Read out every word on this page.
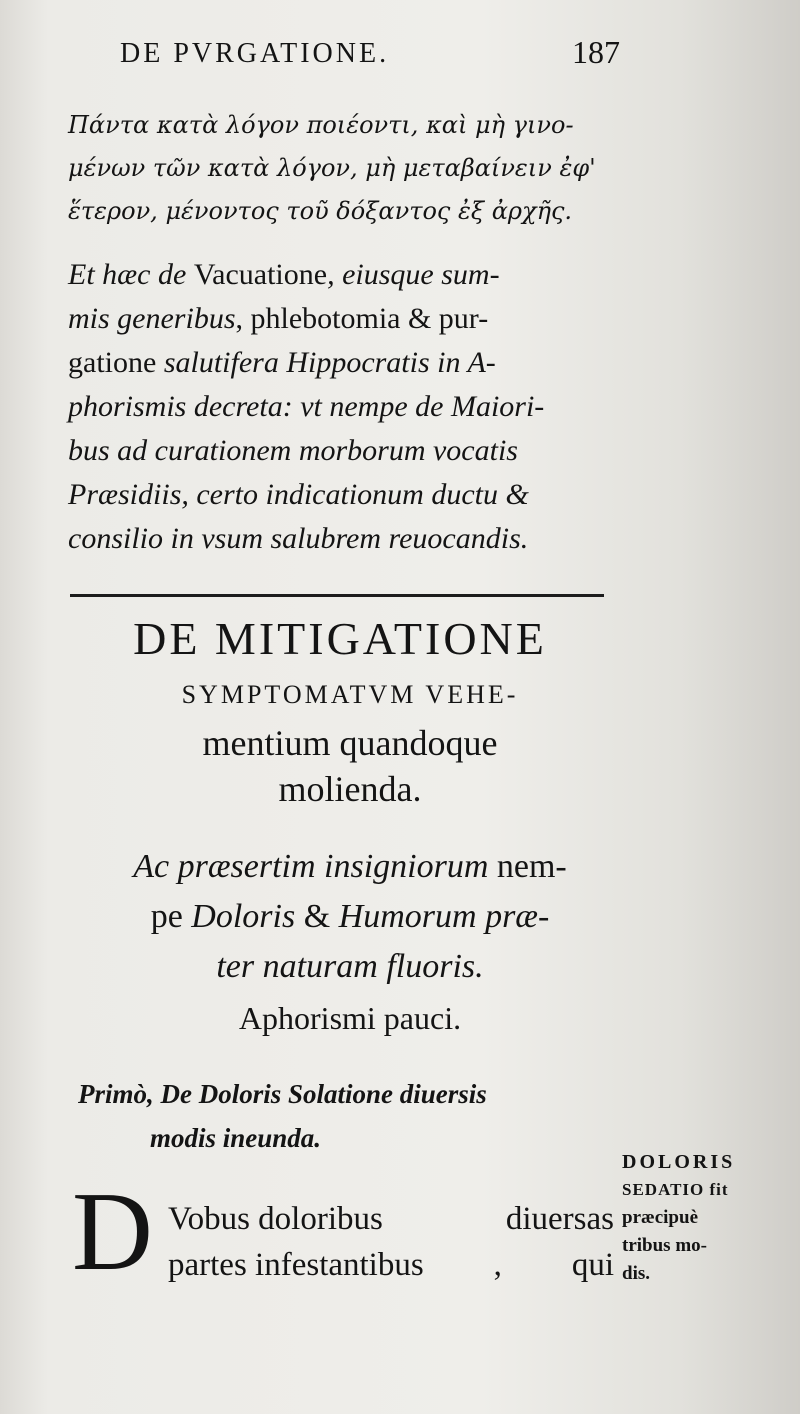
DE PVRGATIONE.	187
Πάντα κατὰ λόγον ποιέοντι, καὶ μὴ γινο-
μένων τῶν κατὰ λόγον, μὴ μεταβαίνειν ἐφ'
ἕτερον, μένοντος τοῦ δόξαντος ἐξ ἀρχῆς.
Et hæc de Vacuatione, eiusque sum-
mis generibus, phlebotomia & pur-
gatione salutifera Hippocratis in A-
phorismis decreta: vt nempe de Maiori-
bus ad curationem morborum vocatis
Præsidiis, certo indicationum ductu &
consilio in vsum salubrem reuocandis.
DE MITIGATIONE
SYMPTOMATVM VEHE-
mentium quandoque
molienda.
Ac præsertim insigniorum nem-
pe Doloris & Humorum præ-
ter naturam fluoris.
Aphorismi pauci.
Primò, De Doloris Solatione diuersis
modis ineunda.
D Vobus doloribus	diuersas
partes infestantibus , qui
DOLORIS
SEDATIO fit
præcipuè
tribus mo-
dis.
